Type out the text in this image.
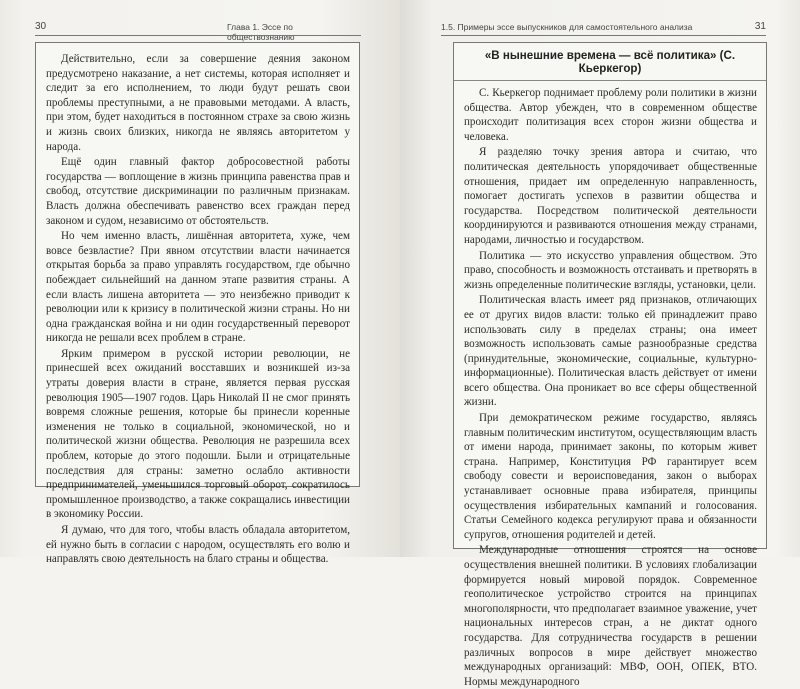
30	Глава 1. Эссе по обществознанию
1.5. Примеры эссе выпускников для самостоятельного анализа	31

Действительно, если за совершение деяния законом предусмотрено наказание, а нет системы, которая исполняет и следит за его исполнением, то люди будут решать свои проблемы преступными, а не правовыми методами. А власть, при этом, будет находиться в постоянном страхе за свою жизнь и жизнь своих близких, никогда не являясь авторитетом у народа.

Ещё один главный фактор добросовестной работы государства — воплощение в жизнь принципа равенства прав и свобод, отсутствие дискриминации по различным признакам. Власть должна обеспечивать равенство всех граждан перед законом и судом, независимо от обстоятельств.

Но чем именно власть, лишённая авторитета, хуже, чем вовсе безвластие? При явном отсутствии власти начинается открытая борьба за право управлять государством, где обычно побеждает сильнейший на данном этапе развития страны. А если власть лишена авторитета — это неизбежно приводит к революции или к кризису в политической жизни страны. Но ни одна гражданская война и ни один государственный переворот никогда не решали всех проблем в стране.

Ярким примером в русской истории революции, не принесшей всех ожиданий восставших и возникшей из-за утраты доверия власти в стране, является первая русская революция 1905—1907 годов. Царь Николай II не смог принять вовремя сложные решения, которые бы принесли коренные изменения не только в социальной, экономической, но и политической жизни общества. Революция не разрешила всех проблем, которые до этого подошли. Были и отрицательные последствия для страны: заметно ослабло активности предпринимателей, уменьшился торговый оборот, сократилось промышленное производство, а также сокращались инвестиции в экономику России.

Я думаю, что для того, чтобы власть обладала авторитетом, ей нужно быть в согласии с народом, осуществлять его волю и направлять свою деятельность на благо страны и общества.

«В нынешние времена — всё политика» (С. Кьеркегор)

С. Кьеркегор поднимает проблему роли политики в жизни общества. Автор убежден, что в современном обществе происходит политизация всех сторон жизни общества и человека.

Я разделяю точку зрения автора и считаю, что политическая деятельность упорядочивает общественные отношения, придает им определенную направленность, помогает достигать успехов в развитии общества и государства. Посредством политической деятельности координируются и развиваются отношения между странами, народами, личностью и государством.

Политика — это искусство управления обществом. Это право, способность и возможность отстаивать и претворять в жизнь определенные политические взгляды, установки, цели.

Политическая власть имеет ряд признаков, отличающих ее от других видов власти: только ей принадлежит право использовать силу в пределах страны; она имеет возможность использовать самые разнообразные средства (принудительные, экономические, социальные, культурно-информационные). Политическая власть действует от имени всего общества. Она проникает во все сферы общественной жизни.

При демократическом режиме государство, являясь главным политическим институтом, осуществляющим власть от имени народа, принимает законы, по которым живет страна. Например, Конституция РФ гарантирует всем свободу совести и вероисповедания, закон о выборах устанавливает основные права избирателя, принципы осуществления избирательных кампаний и голосования. Статьи Семейного кодекса регулируют права и обязанности супругов, отношения родителей и детей.

Международные отношения строятся на основе осуществления внешней политики. В условиях глобализации формируется новый мировой порядок. Современное геополитическое устройство строится на принципах многополярности, что предполагает взаимное уважение, учет национальных интересов стран, а не диктат одного государства. Для сотрудничества государств в решении различных вопросов в мире действует множество международных организаций: МВФ, ООН, ОПЕК, ВТО. Нормы международного
